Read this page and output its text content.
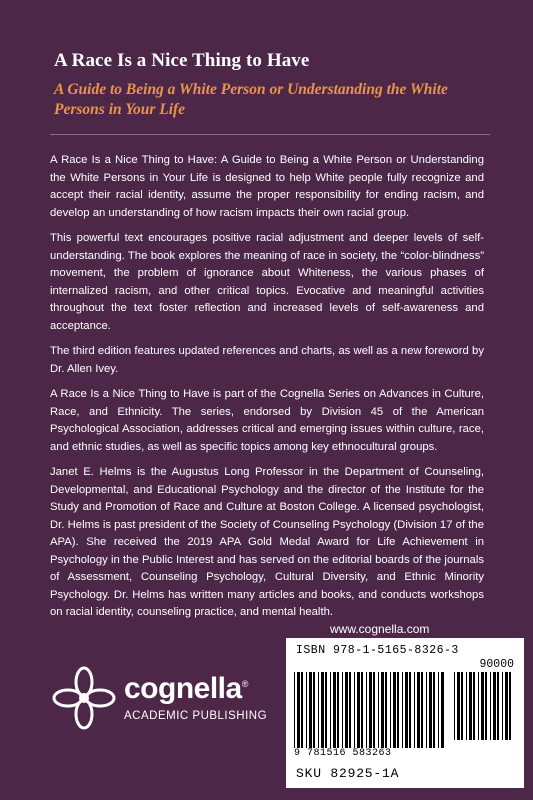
A Race Is a Nice Thing to Have
A Guide to Being a White Person or Understanding the White Persons in Your Life

A Race Is a Nice Thing to Have: A Guide to Being a White Person or Understanding the White Persons in Your Life is designed to help White people fully recognize and accept their racial identity, assume the proper responsibility for ending racism, and develop an understanding of how racism impacts their own racial group.

This powerful text encourages positive racial adjustment and deeper levels of self-understanding. The book explores the meaning of race in society, the “color-blindness” movement, the problem of ignorance about Whiteness, the various phases of internalized racism, and other critical topics. Evocative and meaningful activities throughout the text foster reflection and increased levels of self-awareness and acceptance.

The third edition features updated references and charts, as well as a new foreword by Dr. Allen Ivey.

A Race Is a Nice Thing to Have is part of the Cognella Series on Advances in Culture, Race, and Ethnicity. The series, endorsed by Division 45 of the American Psychological Association, addresses critical and emerging issues within culture, race, and ethnic studies, as well as specific topics among key ethnocultural groups.

Janet E. Helms is the Augustus Long Professor in the Department of Counseling, Developmental, and Educational Psychology and the director of the Institute for the Study and Promotion of Race and Culture at Boston College. A licensed psychologist, Dr. Helms is past president of the Society of Counseling Psychology (Division 17 of the APA). She received the 2019 APA Gold Medal Award for Life Achievement in Psychology in the Public Interest and has served on the editorial boards of the journals of Assessment, Counseling Psychology, Cultural Diversity, and Ethnic Minority Psychology. Dr. Helms has written many articles and books, and conducts workshops on racial identity, counseling practice, and mental health.

www.cognella.com
cognella®
ACADEMIC PUBLISHING
ISBN 978-1-5165-8326-3
90000
9 781516 583263
SKU 82925-1A
